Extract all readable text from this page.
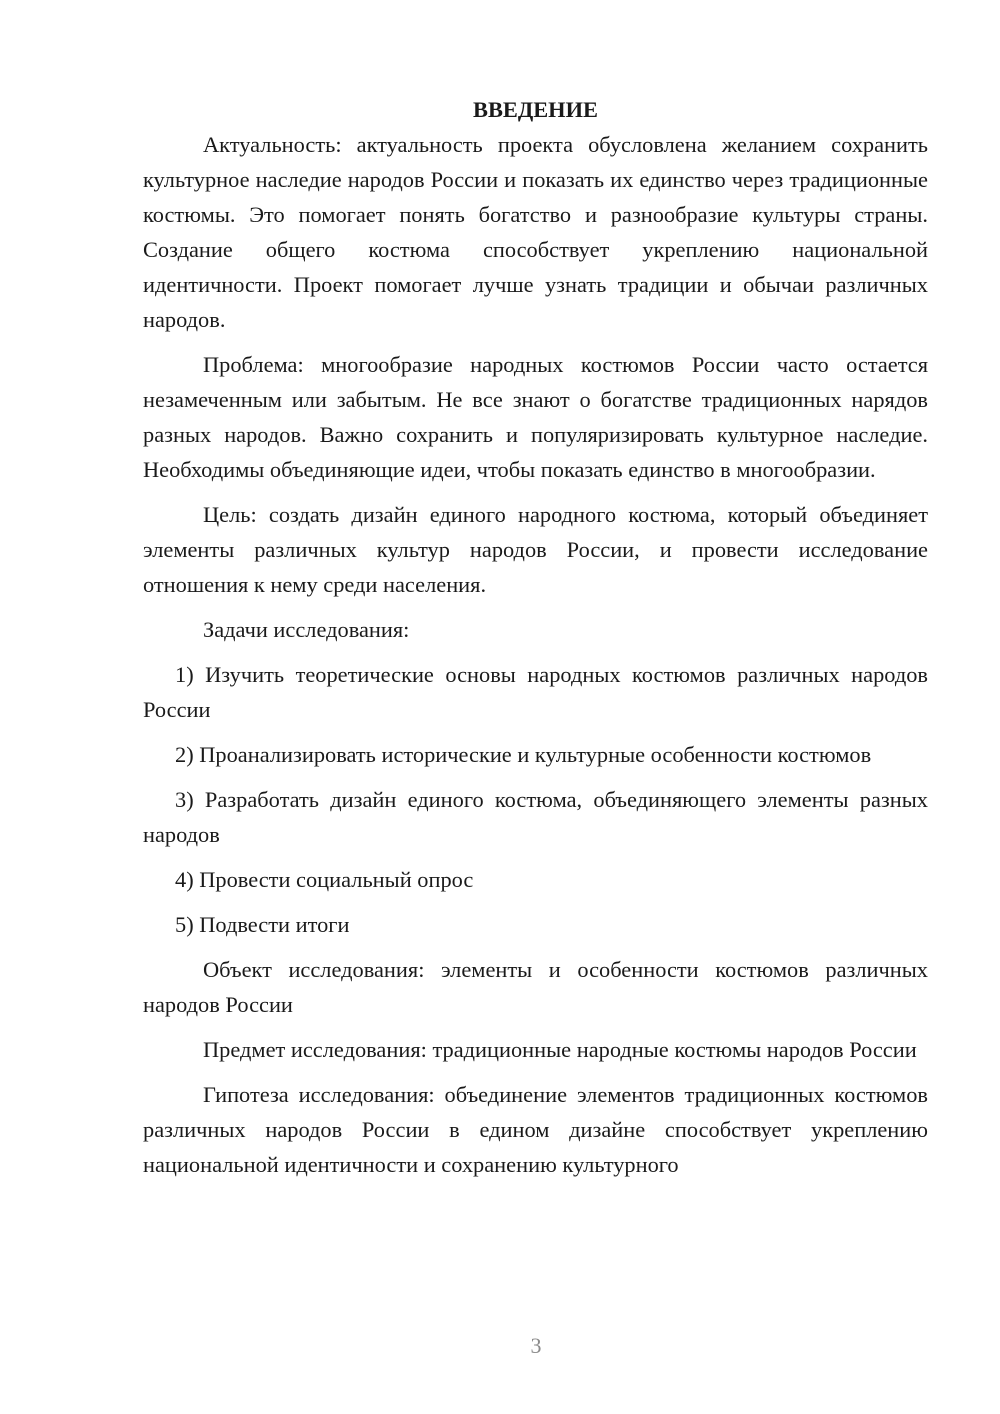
ВВЕДЕНИЕ

Актуальность: актуальность проекта обусловлена желанием сохранить культурное наследие народов России и показать их единство через традиционные костюмы. Это помогает понять богатство и разнообразие культуры страны. Создание общего костюма способствует укреплению национальной идентичности. Проект помогает лучше узнать традиции и обычаи различных народов.

Проблема: многообразие народных костюмов России часто остается незамеченным или забытым. Не все знают о богатстве традиционных нарядов разных народов. Важно сохранить и популяризировать культурное наследие. Необходимы объединяющие идеи, чтобы показать единство в многообразии.

Цель: создать дизайн единого народного костюма, который объединяет элементы различных культур народов России, и провести исследование отношения к нему среди населения.

Задачи исследования:

1) Изучить теоретические основы народных костюмов различных народов России

2) Проанализировать исторические и культурные особенности костюмов

3) Разработать дизайн единого костюма, объединяющего элементы разных народов

4) Провести социальный опрос

5) Подвести итоги

Объект исследования: элементы и особенности костюмов различных народов России

Предмет исследования: традиционные народные костюмы народов России

Гипотеза исследования: объединение элементов традиционных костюмов различных народов России в едином дизайне способствует укреплению национальной идентичности и сохранению культурного

3
